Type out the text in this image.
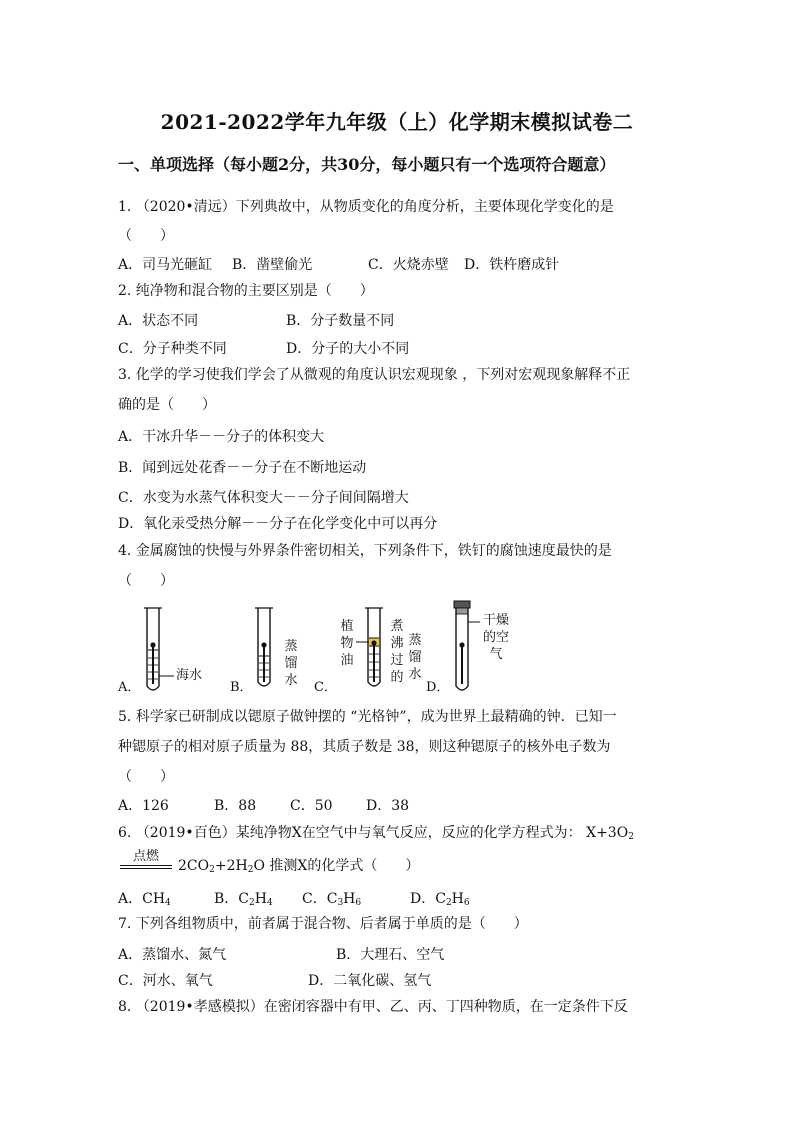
2021-2022学年九年级（上）化学期末模拟试卷二
一、单项选择（每小题2分，共30分，每小题只有一个选项符合题意）
1. （2020•清远）下列典故中，从物质变化的角度分析，主要体现化学变化的是
（　　）
A．司马光砸缸 B．凿壁偷光	C．火烧赤壁 D．铁杵磨成针
2. 纯净物和混合物的主要区别是（　　）
A．状态不同	B．分子数量不同
C．分子种类不同	D．分子的大小不同
3. 化学的学习使我们学会了从微观的角度认识宏观现象 ，下列对宏观现象解释不正
确的是（　　）
A．干冰升华－－分子的体积变大
B．闻到远处花香－－分子在不断地运动
C．水变为水蒸气体积变大－－分子间间隔增大
D．氧化汞受热分解－－分子在化学变化中可以再分
4. 金属腐蚀的快慢与外界条件密切相关，下列条件下，铁钉的腐蚀速度最快的是
（　　）
A．
海水
B．
蒸
馏
水 C．
植
物
油
煮
沸
过
的
蒸
馏
水
D．
干燥
的空
气
5. 科学家已研制成以锶原子做钟摆的 “光格钟”，成为世界上最精确的钟．已知一
种锶原子的相对原子质量为 88，其质子数是 38，则这种锶原子的核外电子数为
（　　）
A．126	B．88 C．50 D．38
6. （2019•百色）某纯净物X在空气中与氧气反应，反应的化学方程式为： $X+3O_2$
点燃
$2CO_2+2H_2O$ 推测X的化学式（　　）
A．$CH_4$	B．$C_2H_4$ C．$C_3H_6$	D．$C_2H_6$
7. 下列各组物质中，前者属于混合物、后者属于单质的是（　　）
A．蒸馏水、氮气	B．大理石、空气
C．河水、氧气	D．二氧化碳、氢气
8. （2019•孝感模拟）在密闭容器中有甲、乙、丙、丁四种物质，在一定条件下反
